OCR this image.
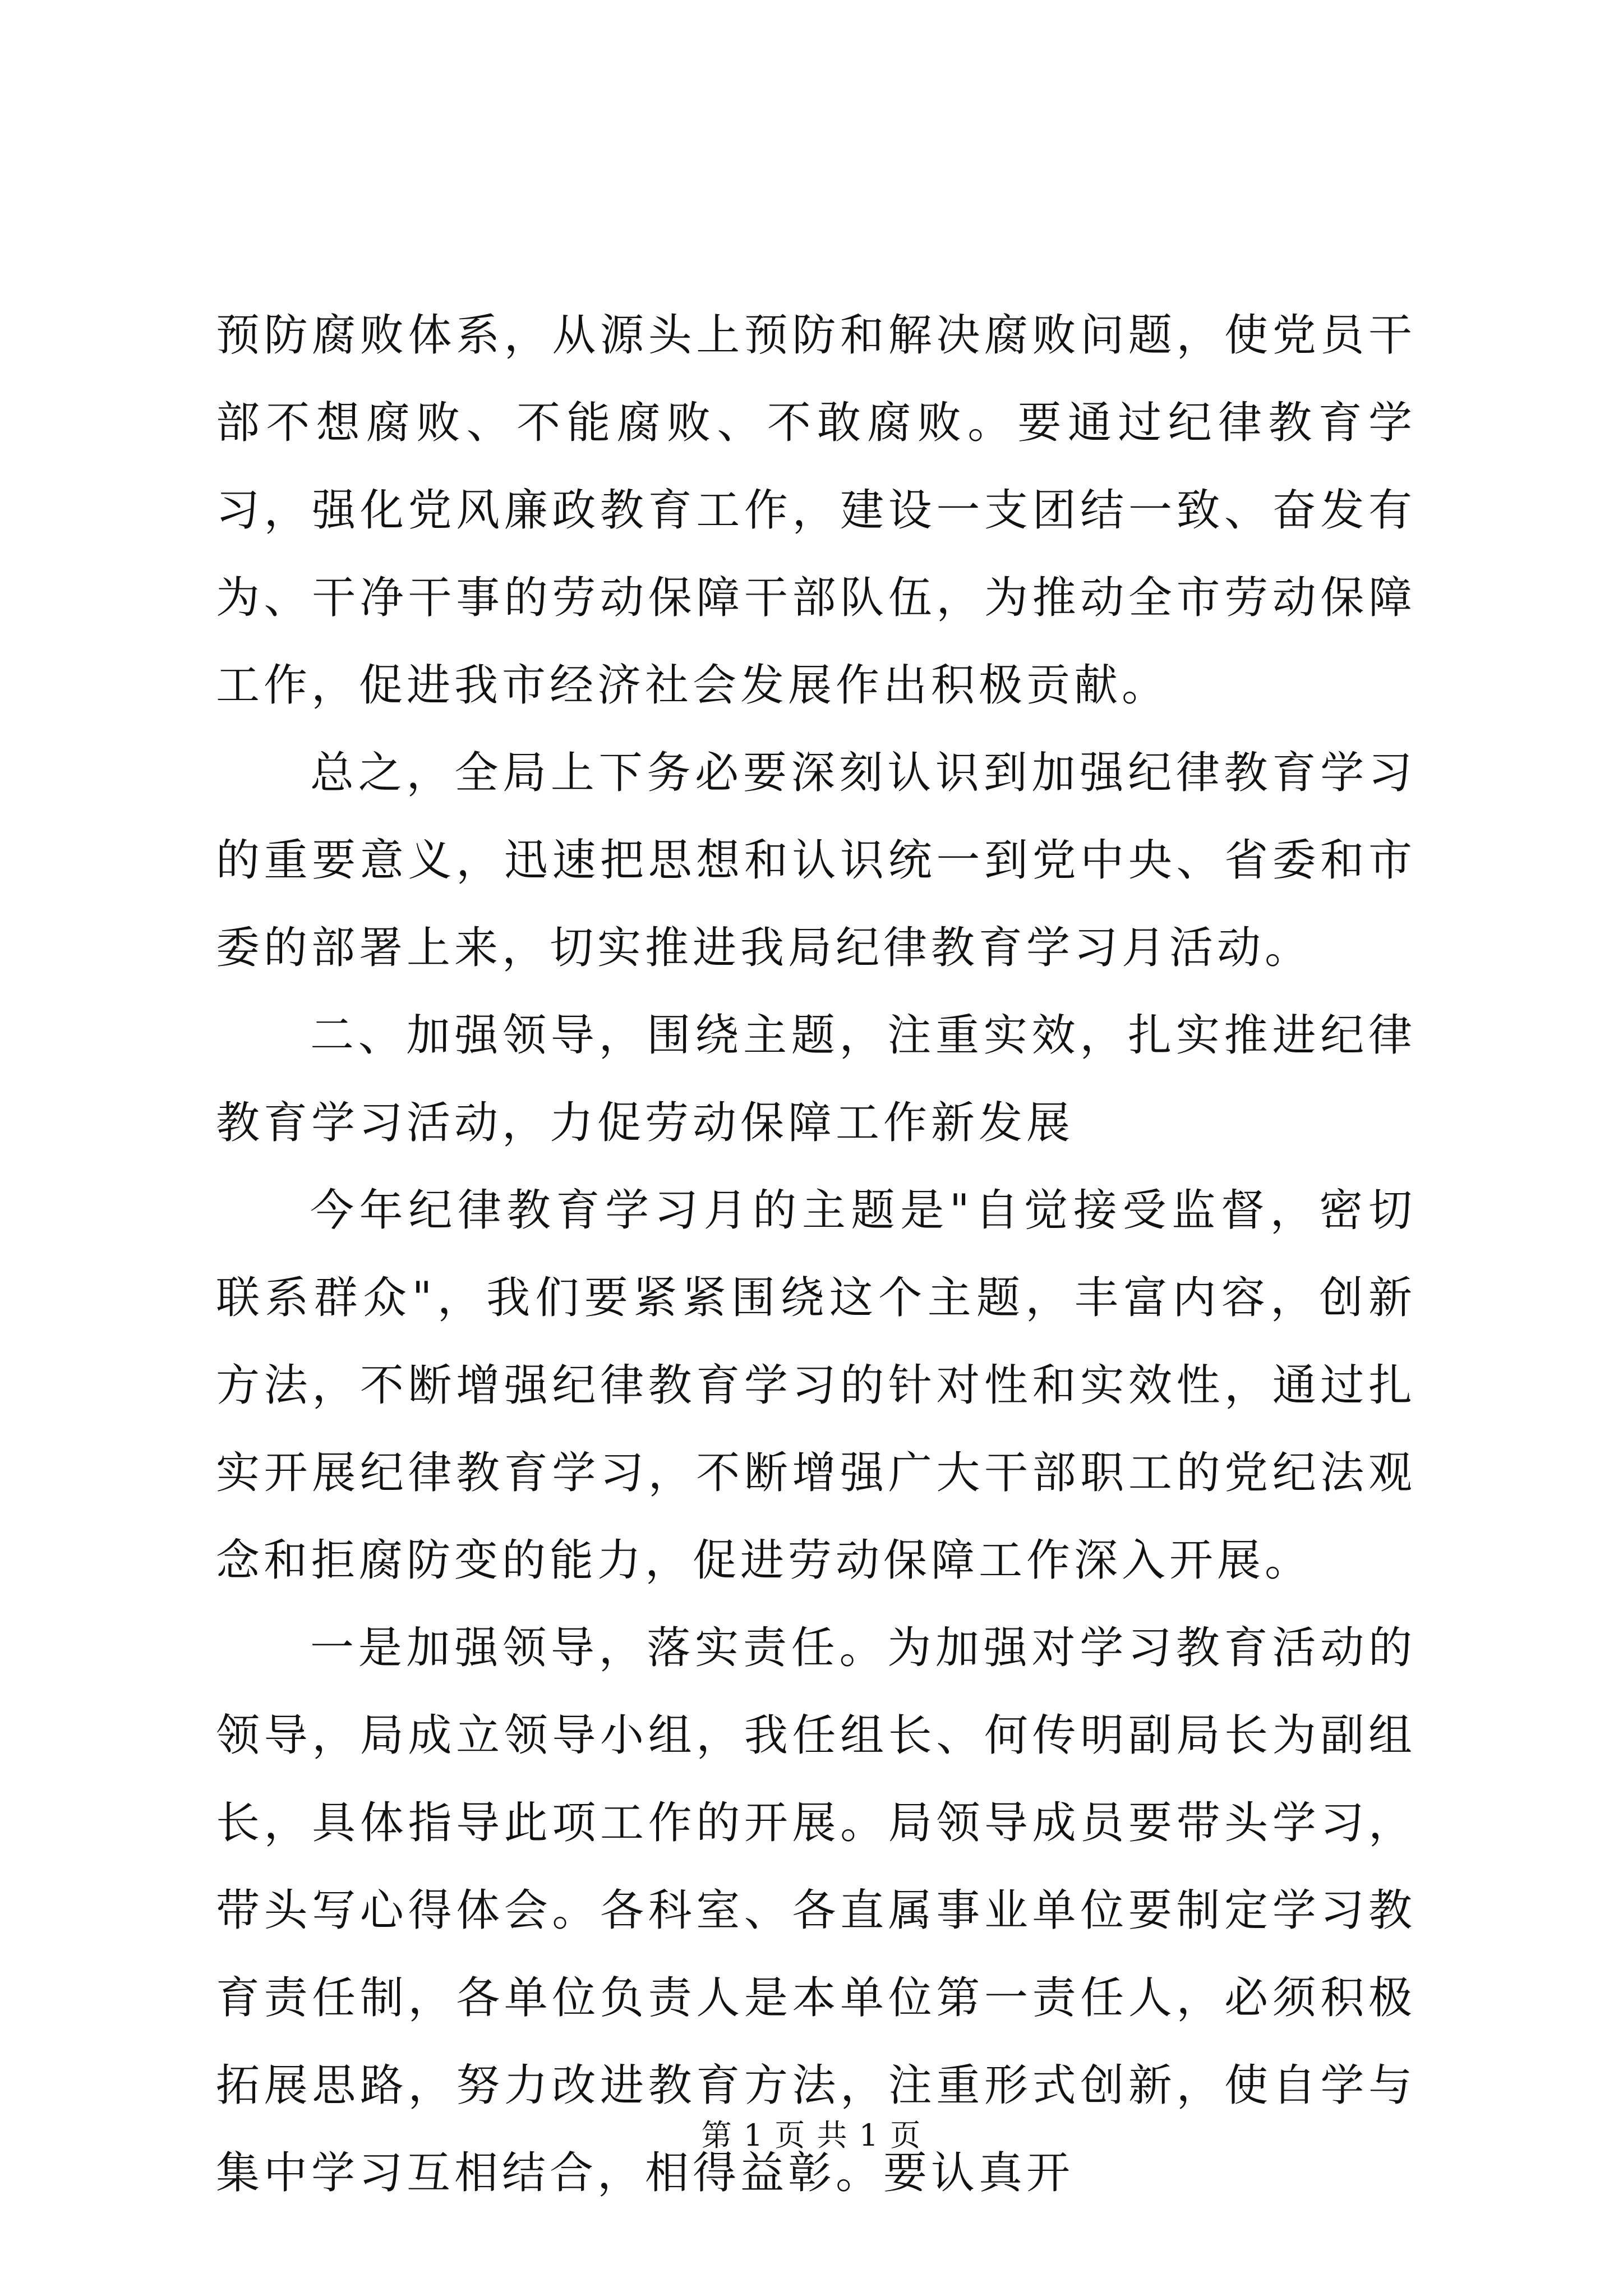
预防腐败体系，从源头上预防和解决腐败问题，使党员干部不想腐败、不能腐败、不敢腐败。要通过纪律教育学习，强化党风廉政教育工作，建设一支团结一致、奋发有为、干净干事的劳动保障干部队伍，为推动全市劳动保障工作，促进我市经济社会发展作出积极贡献。

总之，全局上下务必要深刻认识到加强纪律教育学习的重要意义，迅速把思想和认识统一到党中央、省委和市委的部署上来，切实推进我局纪律教育学习月活动。

二、加强领导，围绕主题，注重实效，扎实推进纪律教育学习活动，力促劳动保障工作新发展

今年纪律教育学习月的主题是"自觉接受监督，密切联系群众"，我们要紧紧围绕这个主题，丰富内容，创新方法，不断增强纪律教育学习的针对性和实效性，通过扎实开展纪律教育学习，不断增强广大干部职工的党纪法观念和拒腐防变的能力，促进劳动保障工作深入开展。

一是加强领导，落实责任。为加强对学习教育活动的领导，局成立领导小组，我任组长、何传明副局长为副组长，具体指导此项工作的开展。局领导成员要带头学习，带头写心得体会。各科室、各直属事业单位要制定学习教育责任制，各单位负责人是本单位第一责任人，必须积极拓展思路，努力改进教育方法，注重形式创新，使自学与集中学习互相结合，相得益彰。要认真开

第 1 页 共 1 页
